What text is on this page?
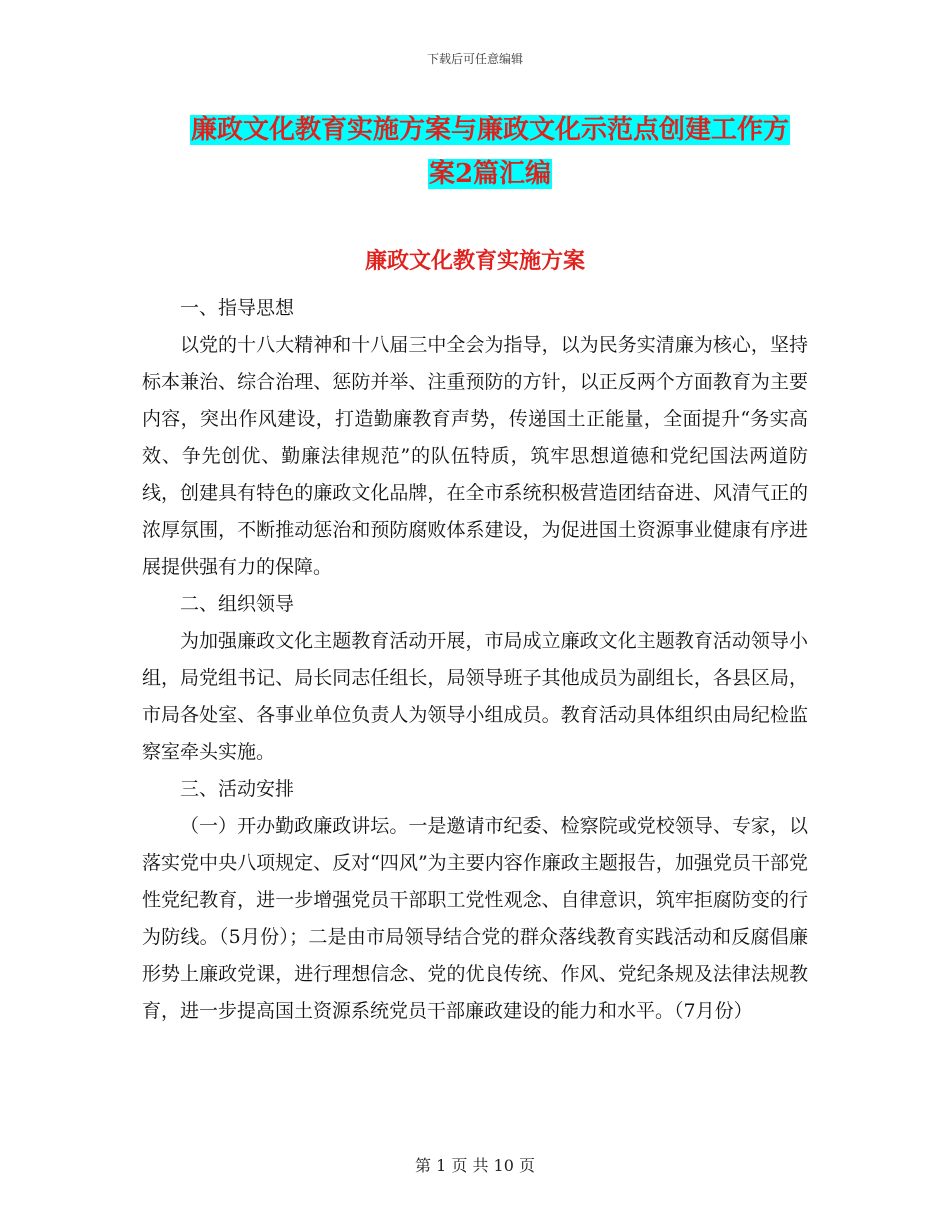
下载后可任意编辑
廉政文化教育实施方案与廉政文化示范点创建工作方
案2篇汇编
廉政文化教育实施方案

一、指导思想

以党的十八大精神和十八届三中全会为指导，以为民务实清廉为核心，坚持标本兼治、综合治理、惩防并举、注重预防的方针，以正反两个方面教育为主要内容，突出作风建设，打造勤廉教育声势，传递国土正能量，全面提升“务实高效、争先创优、勤廉法律规范”的队伍特质，筑牢思想道德和党纪国法两道防线，创建具有特色的廉政文化品牌，在全市系统积极营造团结奋进、风清气正的浓厚氛围，不断推动惩治和预防腐败体系建设，为促进国土资源事业健康有序进展提供强有力的保障。

二、组织领导

为加强廉政文化主题教育活动开展，市局成立廉政文化主题教育活动领导小组，局党组书记、局长同志任组长，局领导班子其他成员为副组长，各县区局，市局各处室、各事业单位负责人为领导小组成员。教育活动具体组织由局纪检监察室牵头实施。

三、活动安排

（一）开办勤政廉政讲坛。一是邀请市纪委、检察院或党校领导、专家，以落实党中央八项规定、反对“四风”为主要内容作廉政主题报告，加强党员干部党性党纪教育，进一步增强党员干部职工党性观念、自律意识，筑牢拒腐防变的行为防线。（5月份）；二是由市局领导结合党的群众落线教育实践活动和反腐倡廉形势上廉政党课，进行理想信念、党的优良传统、作风、党纪条规及法律法规教育，进一步提高国土资源系统党员干部廉政建设的能力和水平。（7月份）

第 1 页 共 10 页
